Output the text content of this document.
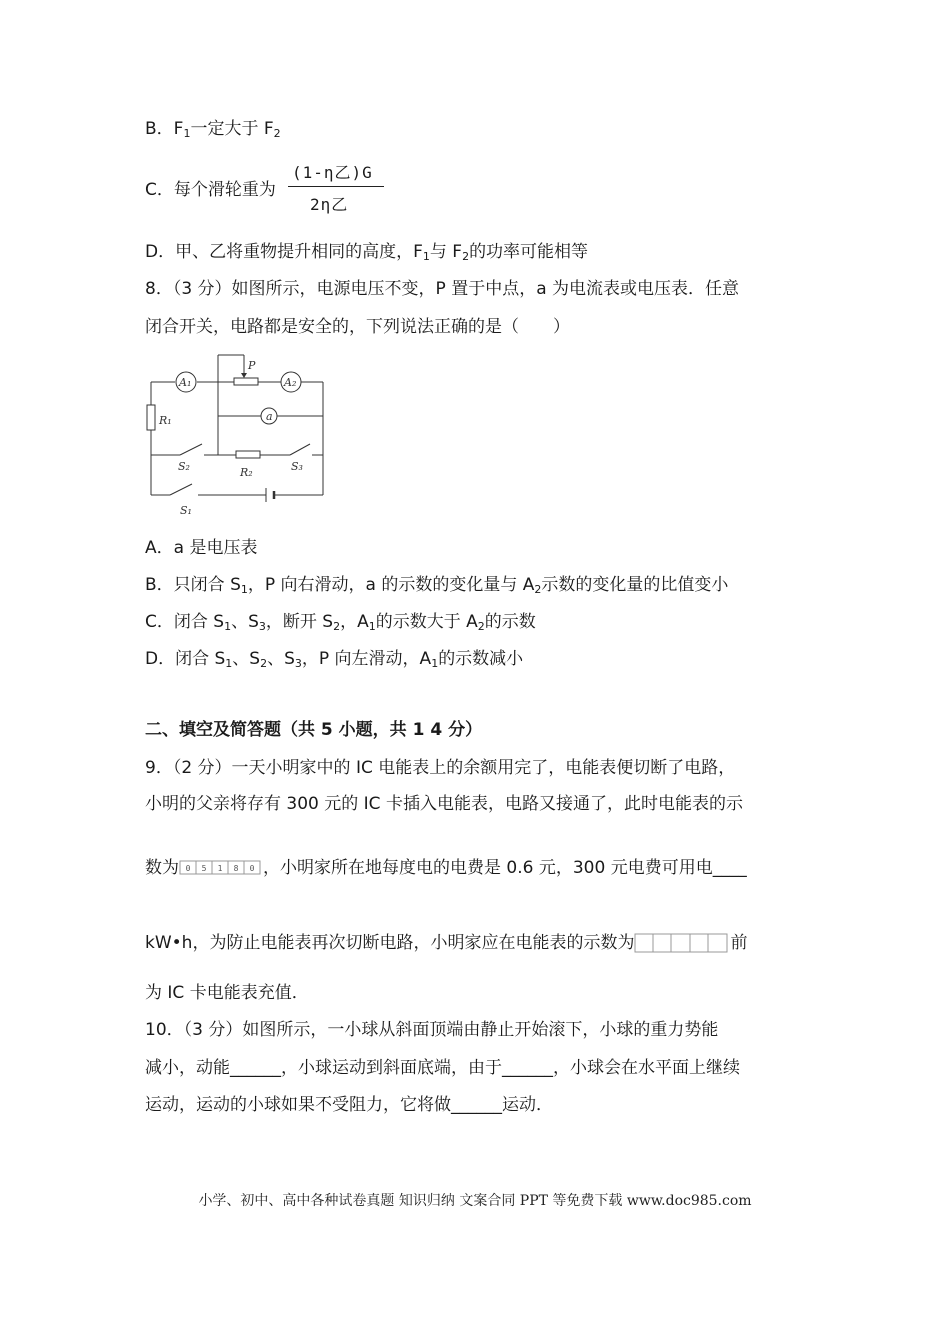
B．$F_1$一定大于 $F_2$
C．每个滑轮重为
(1-η乙)G
2η乙
D．甲、乙将重物提升相同的高度，$F_1$与 $F_2$的功率可能相等
8．（3 分）如图所示，电源电压不变，P 置于中点，a 为电流表或电压表．任意
闭合开关，电路都是安全的，下列说法正确的是（　　）
P
A₁	A₂
a
R₁
R₂
S₂	S₃
S₁
A．a 是电压表
B．只闭合 $S_1$，P 向右滑动，a 的示数的变化量与 $A_2$示数的变化量的比值变小
C．闭合 $S_1$、$S_3$，断开 $S_2$，$A_1$的示数大于 $A_2$的示数
D．闭合 $S_1$、$S_2$、$S_3$，P 向左滑动，$A_1$的示数减小
二、填空及简答题（共 5 小题，共 1 4 分）
9．（2 分）一天小明家中的 IC 电能表上的余额用完了，电能表便切断了电路，
小明的父亲将存有 300 元的 IC 卡插入电能表，电路又接通了，此时电能表的示
数为 0 5 1 8 0 ，小明家所在地每度电的电费是 0.6 元，300 元电费可用电____
kW•h，为防止电能表再次切断电路，小明家应在电能表的示数为	前
为 IC 卡电能表充值．
10．（3 分）如图所示，一小球从斜面顶端由静止开始滚下，小球的重力势能
减小，动能______，小球运动到斜面底端，由于______，小球会在水平面上继续
运动，运动的小球如果不受阻力，它将做______运动．
小学、初中、高中各种试卷真题 知识归纳 文案合同 PPT 等免费下载 www.doc985.com
